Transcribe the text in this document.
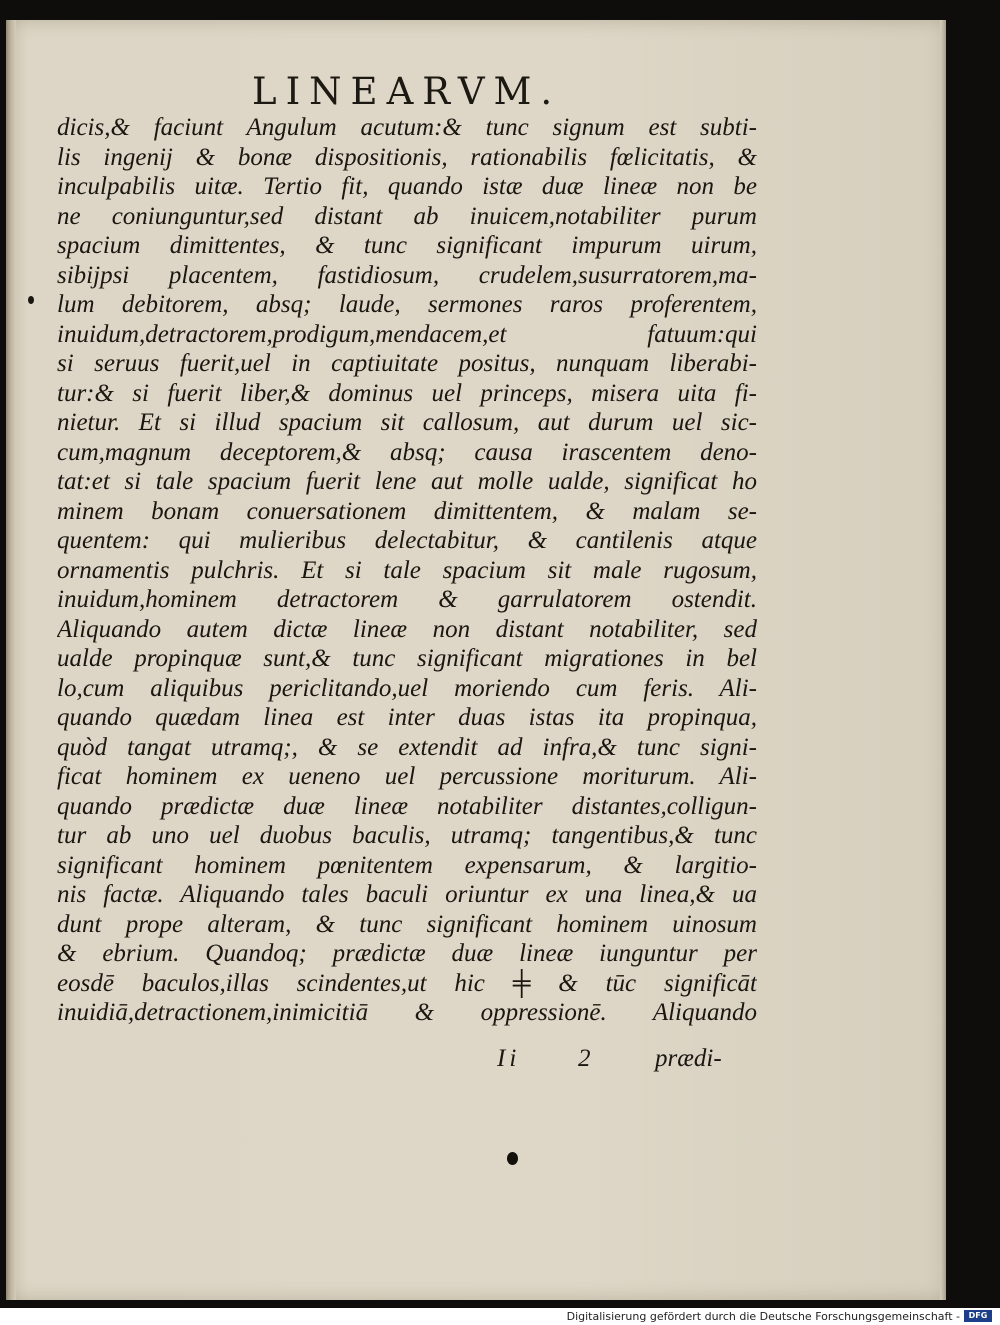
LINEARVM.
dicis,& faciunt Angulum acutum:& tunc signum est subti-
lis ingenij & bonæ dispositionis, rationabilis fœlicitatis, &
inculpabilis uitæ. Tertio fit, quando istæ duæ lineæ non be
ne coniunguntur,sed distant ab inuicem,notabiliter purum
spacium dimittentes, & tunc significant impurum uirum,
sibijpsi placentem, fastidiosum, crudelem,susurratorem,ma-
lum debitorem, absq; laude, sermones raros proferentem,
inuidum,detractorem,prodigum,mendacem,et fatuum:qui
si seruus fuerit,uel in captiuitate positus, nunquam liberabi-
tur:& si fuerit liber,& dominus uel princeps, misera uita fi-
nietur. Et si illud spacium sit callosum, aut durum uel sic-
cum,magnum deceptorem,& absq; causa irascentem deno-
tat:et si tale spacium fuerit lene aut molle ualde, significat ho
minem bonam conuersationem dimittentem, & malam se-
quentem: qui mulieribus delectabitur, & cantilenis atque
ornamentis pulchris. Et si tale spacium sit male rugosum,
inuidum,hominem detractorem & garrulatorem ostendit.
Aliquando autem dictæ lineæ non distant notabiliter, sed
ualde propinquæ sunt,& tunc significant migrationes in bel
lo,cum aliquibus periclitando,uel moriendo cum feris. Ali-
quando quædam linea est inter duas istas ita propinqua,
quòd tangat utramq;, & se extendit ad infra,& tunc signi-
ficat hominem ex ueneno uel percussione moriturum. Ali-
quando prædictæ duæ lineæ notabiliter distantes,colligun-
tur ab uno uel duobus baculis, utramq; tangentibus,& tunc
significant hominem pœnitentem expensarum, & largitio-
nis factæ. Aliquando tales baculi oriuntur ex una linea,& ua
dunt prope alteram, & tunc significant hominem uinosum
& ebrium. Quandoq; prædictæ duæ lineæ iunguntur per
eosdē baculos,illas scindentes,ut hic ╪ & tūc significāt
inuidiā,detractionem,inimicitiā & oppressionē. Aliquando
Ii 2	prædi-
Digitalisierung gefördert durch die Deutsche Forschungsgemeinschaft -	DFG
